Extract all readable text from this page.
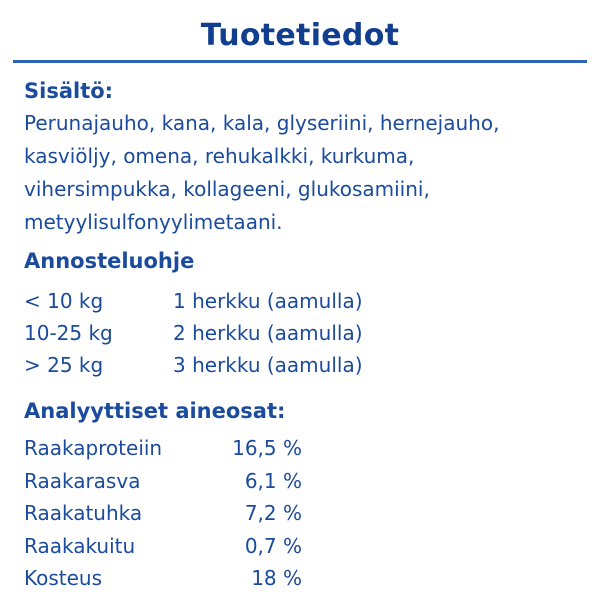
Tuotetiedot
Sisältö:
Perunajauho, kana, kala, glyseriini, hernejauho,
kasviöljy, omena, rehukalkki, kurkuma,
vihersimpukka, kollageeni, glukosamiini,
metyylisulfonyylimetaani.
Annosteluohje
< 10 kg	1 herkku (aamulla)
10-25 kg	2 herkku (aamulla)
> 25 kg	3 herkku (aamulla)
Analyyttiset aineosat:
Raakaproteiin	16,5 %
Raakarasva	6,1 %
Raakatuhka	7,2 %
Raakakuitu	0,7 %
Kosteus	18 %
